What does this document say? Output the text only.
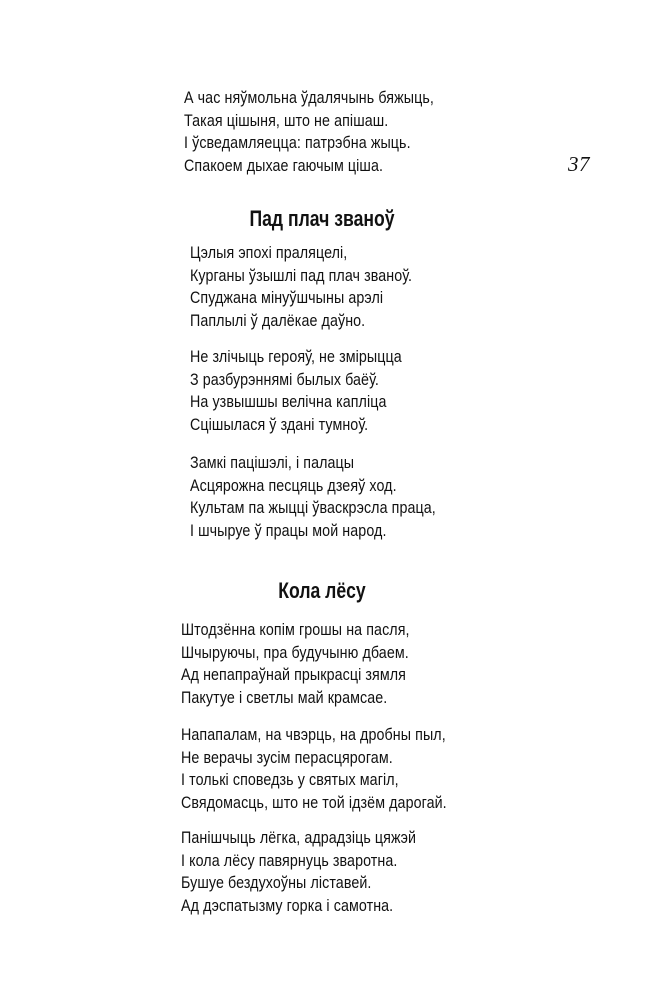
37
А час няўмольна ўдалячынь бяжыць,
Такая цішыня, што не апішаш.
І ўсведамляецца: патрэбна жыць.
Спакоем дыхае гаючым ціша.
Пад плач званоў
Цэлыя эпохі праляцелі,
Курганы ўзышлі пад плач званоў.
Спуджана мінуўшчыны арэлі
Паплылі ў далёкае даўно.
Не злічыць герояў, не змірыцца
З разбурэннямі былых баёў.
На узвышшы велічна капліца
Сцішылася ў здані тумноў.
Замкі пацішэлі, і палацы
Асцярожна песцяць дзеяў ход.
Культам па жыцці ўваскрэсла праца,
І шчыруе ў працы мой народ.
Кола лёсу
Штодзённа копім грошы на пасля,
Шчыруючы, пра будучыню дбаем.
Ад непапраўнай прыкрасці зямля
Пакутуе і светлы май крамсае.
Напапалам, на чвэрць, на дробны пыл,
Не верачы зусім перасцярогам.
І толькі споведзь у святых магіл,
Свядомасць, што не той ідзём дарогай.
Панішчыць лёгка, адрадзіць цяжэй
І кола лёсу павярнуць зваротна.
Бушуе бездухоўны ліставей.
Ад дэспатызму горка і самотна.
